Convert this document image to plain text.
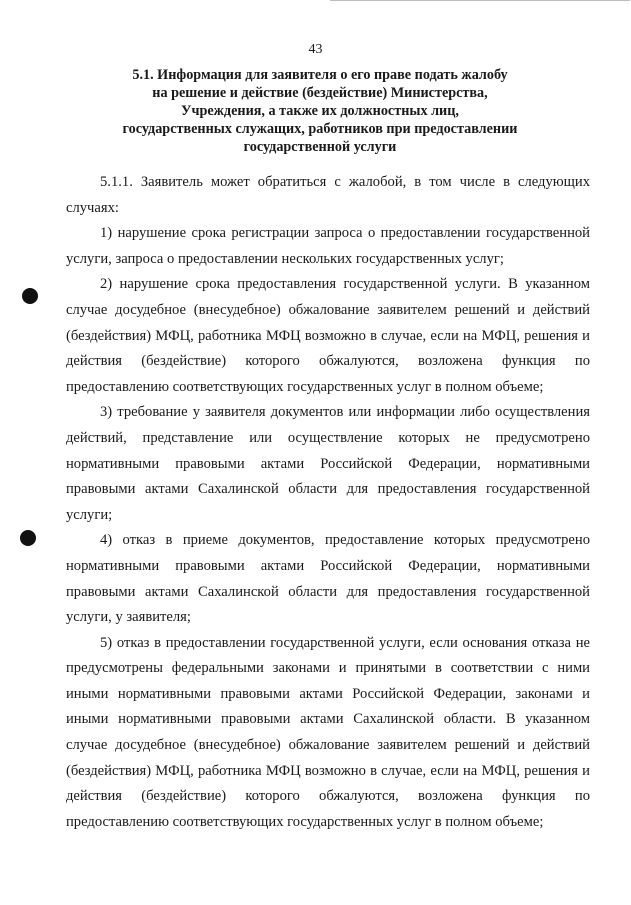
43
5.1. Информация для заявителя о его праве подать жалобу
на решение и действие (бездействие) Министерства,
Учреждения, а также их должностных лиц,
государственных служащих, работников при предоставлении
государственной услуги

5.1.1. Заявитель может обратиться с жалобой, в том числе в следующих случаях:

1) нарушение срока регистрации запроса о предоставлении государственной услуги, запроса о предоставлении нескольких государственных услуг;

2) нарушение срока предоставления государственной услуги. В указанном случае досудебное (внесудебное) обжалование заявителем решений и действий (бездействия) МФЦ, работника МФЦ возможно в случае, если на МФЦ, решения и действия (бездействие) которого обжалуются, возложена функция по предоставлению соответствующих государственных услуг в полном объеме;

3) требование у заявителя документов или информации либо осуществления действий, представление или осуществление которых не предусмотрено нормативными правовыми актами Российской Федерации, нормативными правовыми актами Сахалинской области для предоставления государственной услуги;

4) отказ в приеме документов, предоставление которых предусмотрено нормативными правовыми актами Российской Федерации, нормативными правовыми актами Сахалинской области для предоставления государственной услуги, у заявителя;

5) отказ в предоставлении государственной услуги, если основания отказа не предусмотрены федеральными законами и принятыми в соответствии с ними иными нормативными правовыми актами Российской Федерации, законами и иными нормативными правовыми актами Сахалинской области. В указанном случае досудебное (внесудебное) обжалование заявителем решений и действий (бездействия) МФЦ, работника МФЦ возможно в случае, если на МФЦ, решения и действия (бездействие) которого обжалуются, возложена функция по предоставлению соответствующих государственных услуг в полном объеме;
